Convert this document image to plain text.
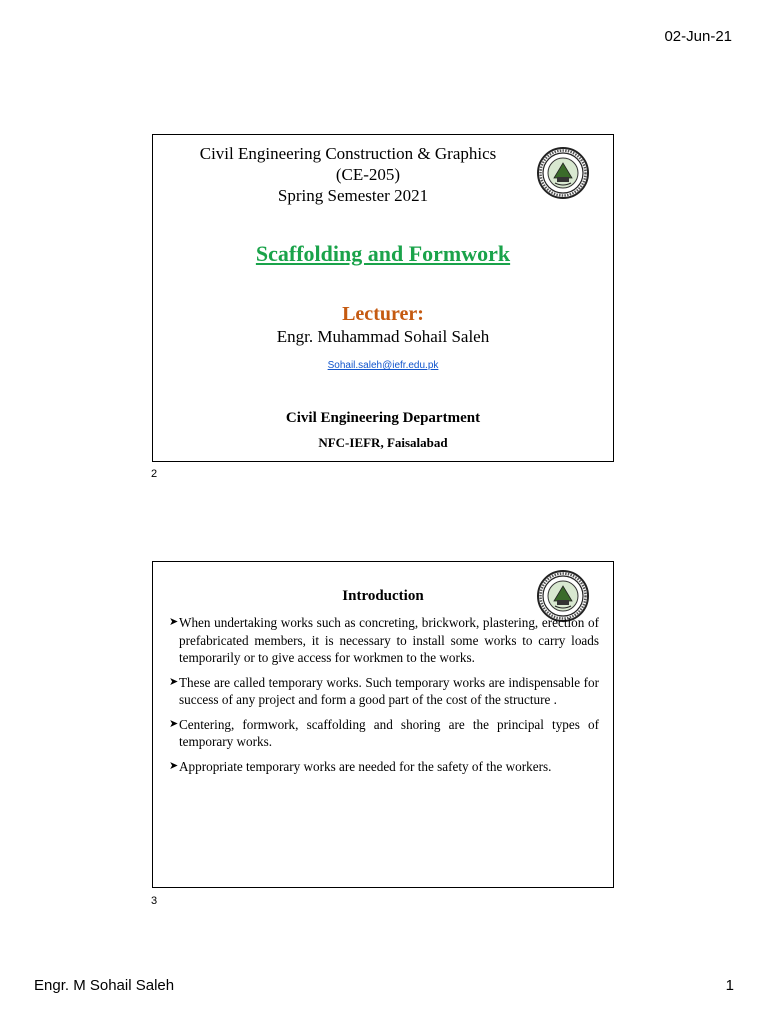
02-Jun-21
Civil Engineering Construction & Graphics
(CE-205)
Spring Semester 2021
Scaffolding and Formwork
Lecturer:
Engr. Muhammad Sohail Saleh
Sohail.saleh@iefr.edu.pk
Civil Engineering Department
NFC-IEFR, Faisalabad
2
Introduction
➤ When undertaking works such as concreting, brickwork, plastering, erection of prefabricated members, it is necessary to install some works to carry loads temporarily or to give access for workmen to the works.
➤ These are called temporary works. Such temporary works are indispensable for success of any project and form a good part of the cost of the structure .
➤ Centering, formwork, scaffolding and shoring are the principal types of temporary works.
➤ Appropriate temporary works are needed for the safety of the workers.
3
Engr. M Sohail Saleh	1
